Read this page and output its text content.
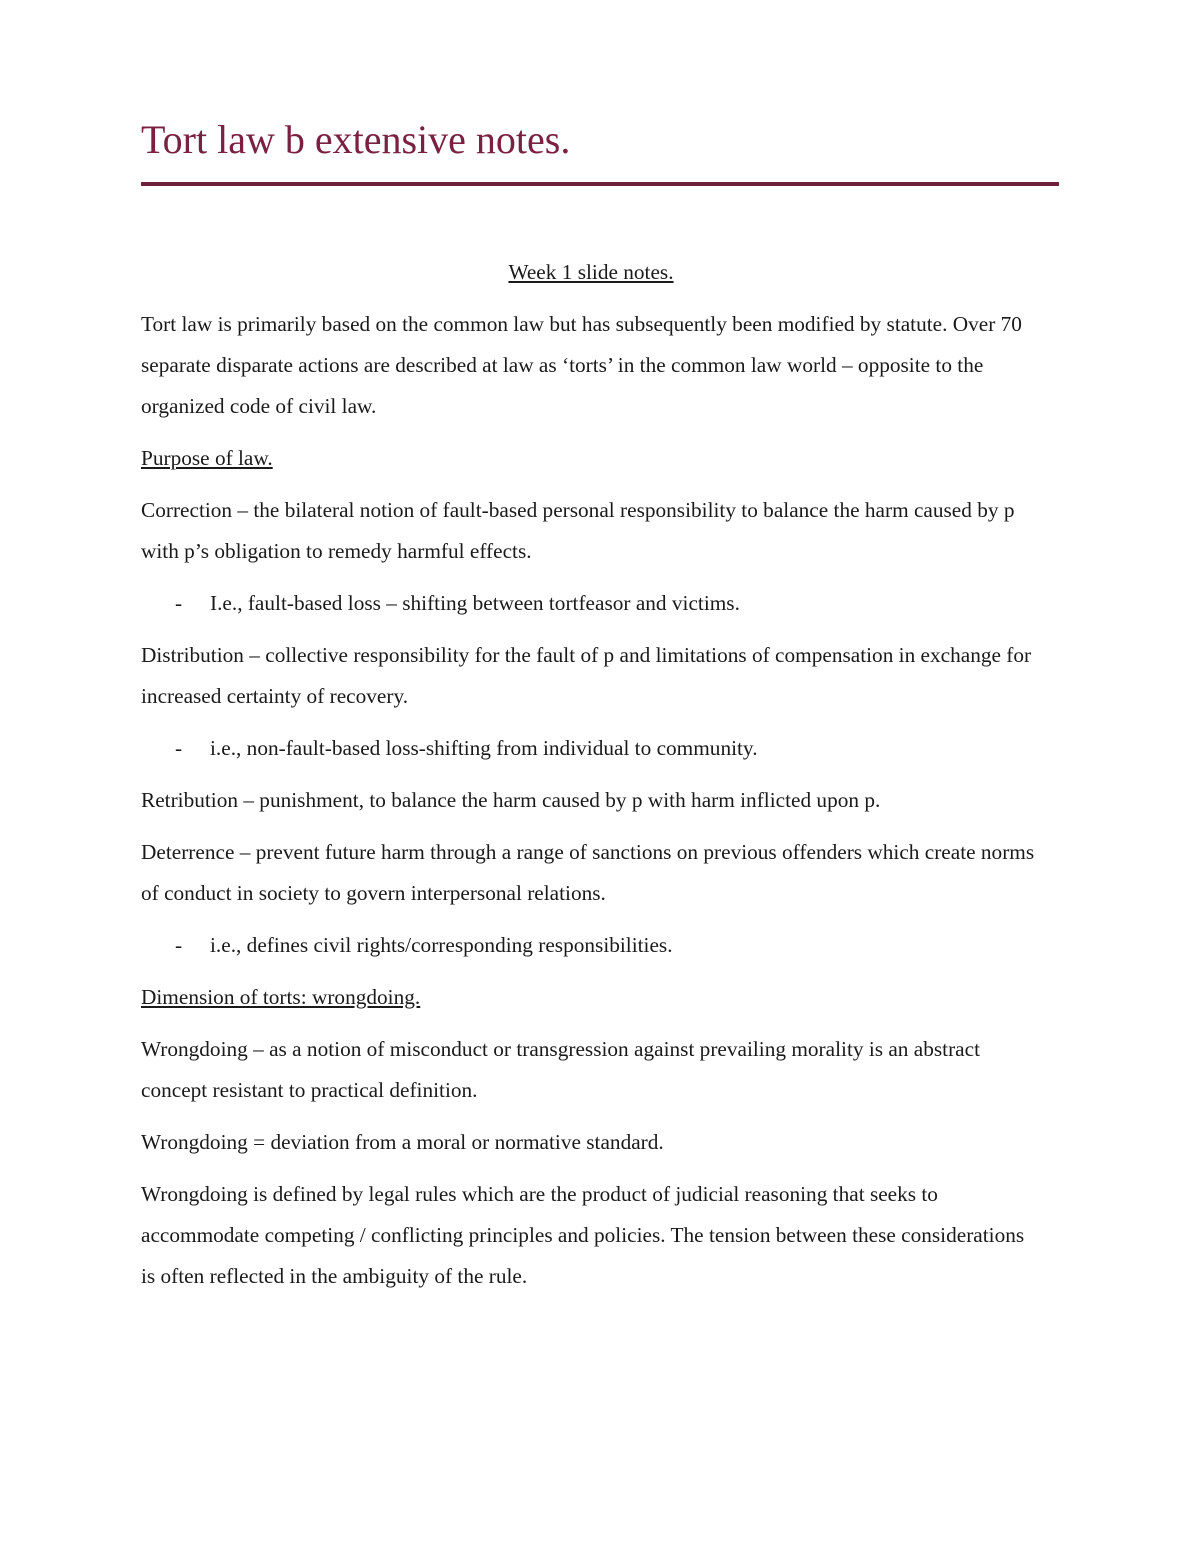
Tort law b extensive notes.

Week 1 slide notes.

Tort law is primarily based on the common law but has subsequently been modified by statute. Over 70 separate disparate actions are described at law as ‘torts’ in the common law world – opposite to the organized code of civil law.

Purpose of law.

Correction – the bilateral notion of fault-based personal responsibility to balance the harm caused by p with p’s obligation to remedy harmful effects.

- I.e., fault-based loss – shifting between tortfeasor and victims.

Distribution – collective responsibility for the fault of p and limitations of compensation in exchange for increased certainty of recovery.

- i.e., non-fault-based loss-shifting from individual to community.

Retribution – punishment, to balance the harm caused by p with harm inflicted upon p.

Deterrence – prevent future harm through a range of sanctions on previous offenders which create norms of conduct in society to govern interpersonal relations.

- i.e., defines civil rights/corresponding responsibilities.

Dimension of torts: wrongdoing.

Wrongdoing – as a notion of misconduct or transgression against prevailing morality is an abstract concept resistant to practical definition.

Wrongdoing = deviation from a moral or normative standard.

Wrongdoing is defined by legal rules which are the product of judicial reasoning that seeks to accommodate competing / conflicting principles and policies. The tension between these considerations is often reflected in the ambiguity of the rule.
